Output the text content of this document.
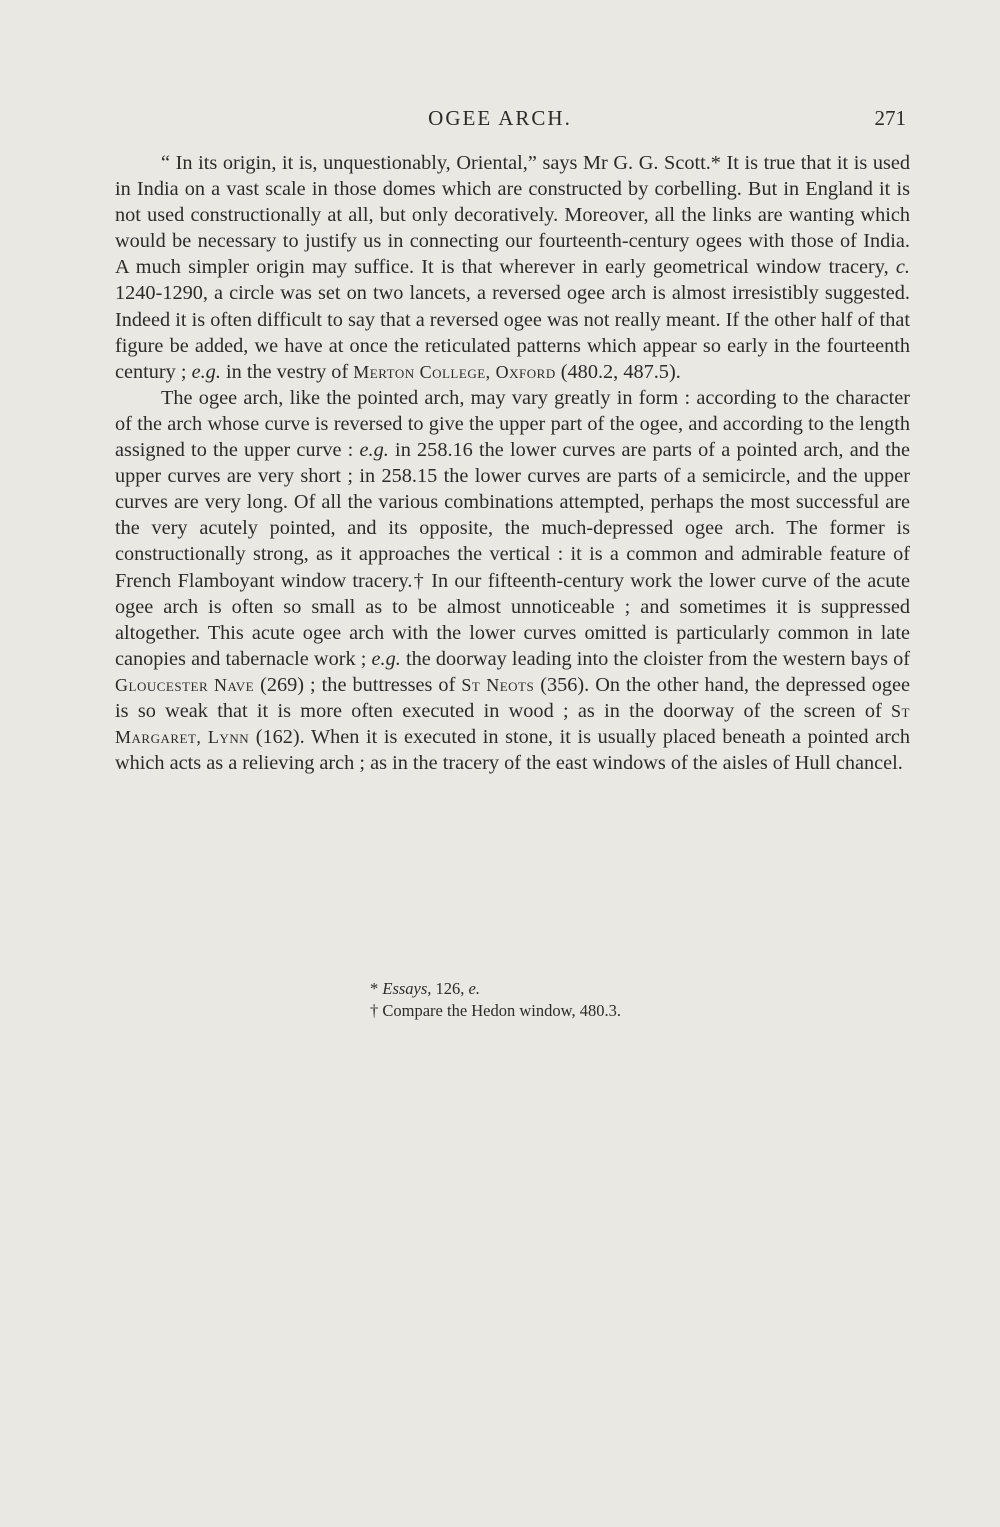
OGEE ARCH.	271

“ In its origin, it is, unquestionably, Oriental,” says Mr G. G. Scott.* It is true that it is used in India on a vast scale in those domes which are constructed by corbelling. But in England it is not used constructionally at all, but only decoratively. Moreover, all the links are wanting which would be necessary to justify us in connecting our fourteenth-century ogees with those of India. A much simpler origin may suffice. It is that wherever in early geometrical window tracery, c. 1240-1290, a circle was set on two lancets, a reversed ogee arch is almost irresistibly suggested. Indeed it is often difficult to say that a reversed ogee was not really meant. If the other half of that figure be added, we have at once the reticulated patterns which appear so early in the fourteenth century ; e.g. in the vestry of Merton College, Oxford (480.2, 487.5).

The ogee arch, like the pointed arch, may vary greatly in form : according to the character of the arch whose curve is reversed to give the upper part of the ogee, and according to the length assigned to the upper curve : e.g. in 258.16 the lower curves are parts of a pointed arch, and the upper curves are very short ; in 258.15 the lower curves are parts of a semicircle, and the upper curves are very long. Of all the various combinations attempted, perhaps the most successful are the very acutely pointed, and its opposite, the much-depressed ogee arch. The former is constructionally strong, as it approaches the vertical : it is a common and admirable feature of French Flamboyant window tracery.† In our fifteenth-century work the lower curve of the acute ogee arch is often so small as to be almost unnoticeable ; and sometimes it is suppressed altogether. This acute ogee arch with the lower curves omitted is particularly common in late canopies and tabernacle work ; e.g. the doorway leading into the cloister from the western bays of Gloucester Nave (269) ; the buttresses of St Neots (356). On the other hand, the depressed ogee is so weak that it is more often executed in wood ; as in the doorway of the screen of St Margaret, Lynn (162). When it is executed in stone, it is usually placed beneath a pointed arch which acts as a relieving arch ; as in the tracery of the east windows of the aisles of Hull chancel.

* Essays, 126, e.

† Compare the Hedon window, 480.3.
